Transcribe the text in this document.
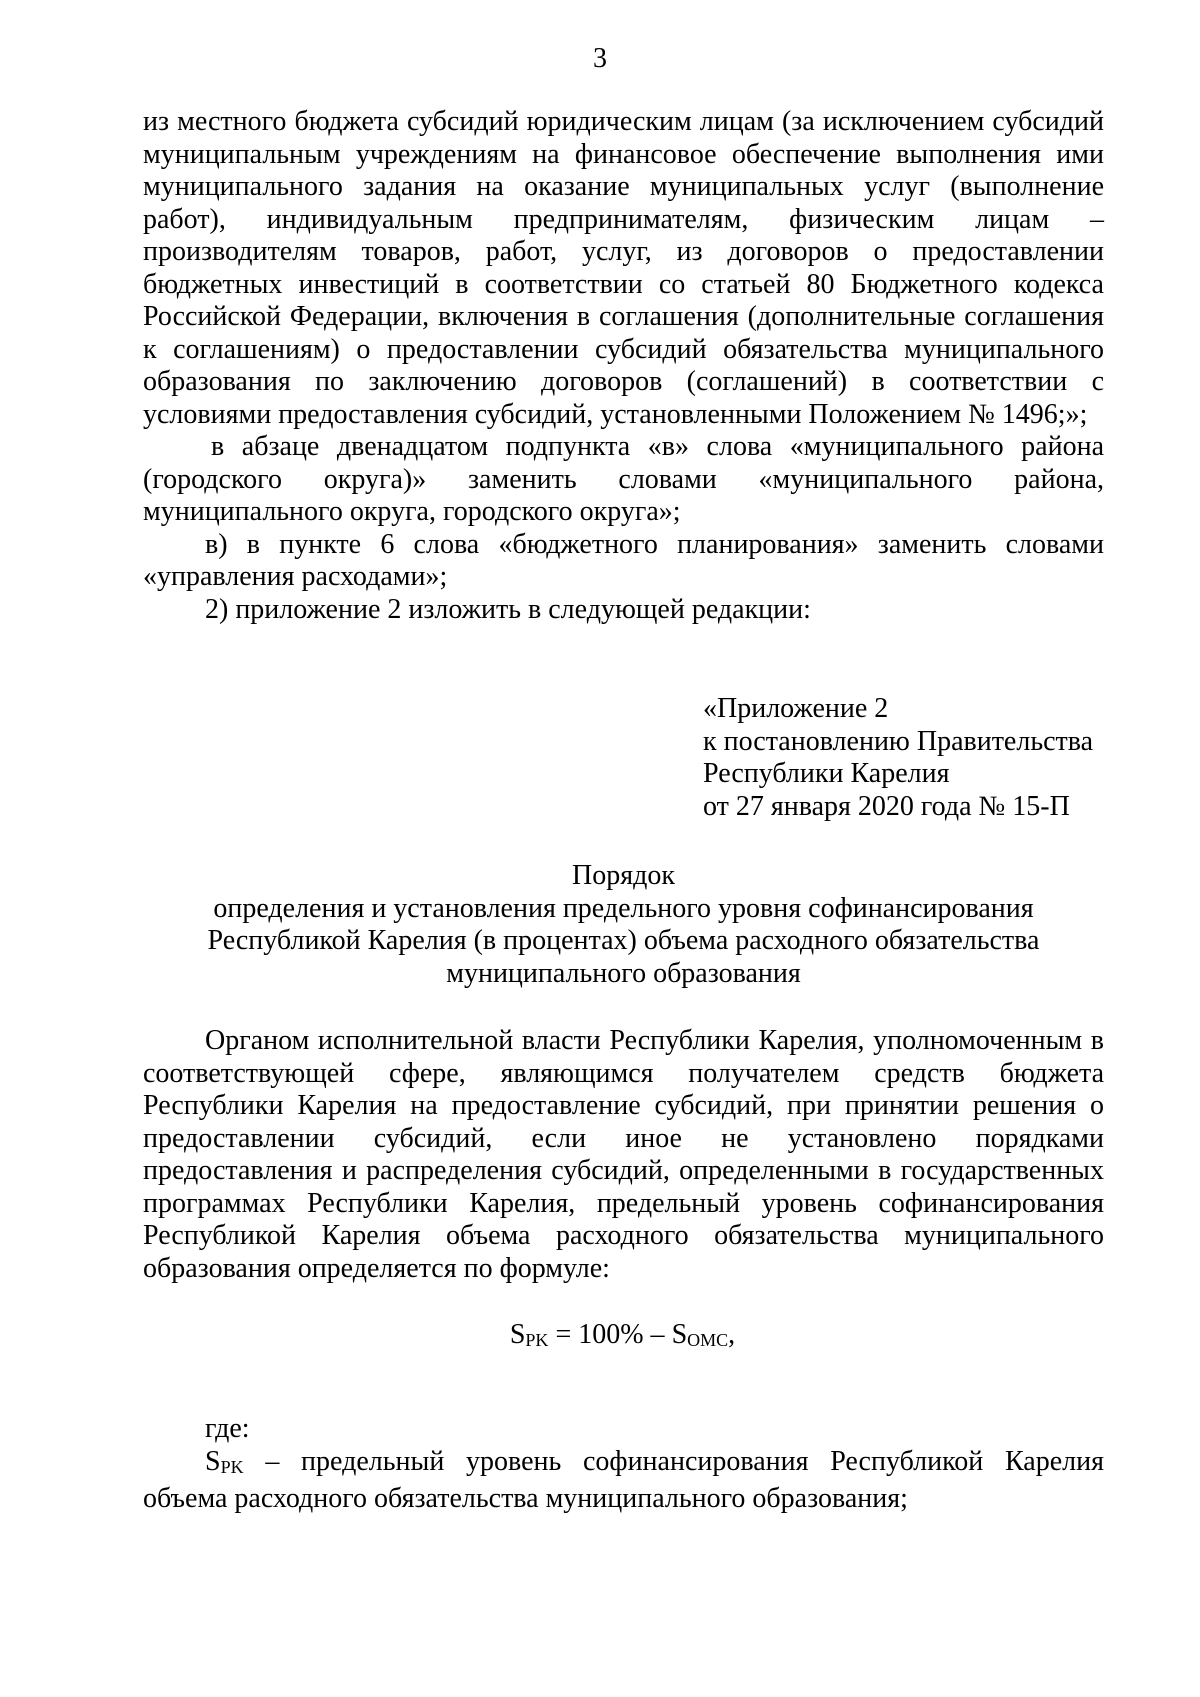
3

из местного бюджета субсидий юридическим лицам (за исключением субсидий муниципальным учреждениям на финансовое обеспечение выполнения ими муниципального задания на оказание муниципальных услуг (выполнение работ), индивидуальным предпринимателям, физическим лицам – производителям товаров, работ, услуг, из договоров о предоставлении бюджетных инвестиций в соответствии со статьей 80 Бюджетного кодекса Российской Федерации, включения в соглашения (дополнительные соглашения к соглашениям) о предоставлении субсидий обязательства муниципального образования по заключению договоров (соглашений) в соответствии с условиями предоставления субсидий, установленными Положением № 1496;»;

в абзаце двенадцатом подпункта «в» слова «муниципального района (городского округа)» заменить словами «муниципального района, муниципального округа, городского округа»;

в) в пункте 6 слова «бюджетного планирования» заменить словами «управления расходами»;

2) приложение 2 изложить в следующей редакции:

«Приложение 2
к постановлению Правительства
Республики Карелия
от 27 января 2020 года № 15-П
Порядок
определения и установления предельного уровня софинансирования
Республикой Карелия (в процентах) объема расходного обязательства
муниципального образования

Органом исполнительной власти Республики Карелия, уполномоченным в соответствующей сфере, являющимся получателем средств бюджета Республики Карелия на предоставление субсидий, при принятии решения о предоставлении субсидий, если иное не установлено порядками предоставления и распределения субсидий, определенными в государственных программах Республики Карелия, предельный уровень софинансирования Республикой Карелия объема расходного обязательства муниципального образования определяется по формуле:

$S_{PK} = 100\% - S_{OMC}$,

где:

$S_{PK}$ – предельный уровень софинансирования Республикой Карелия объема расходного обязательства муниципального образования;
